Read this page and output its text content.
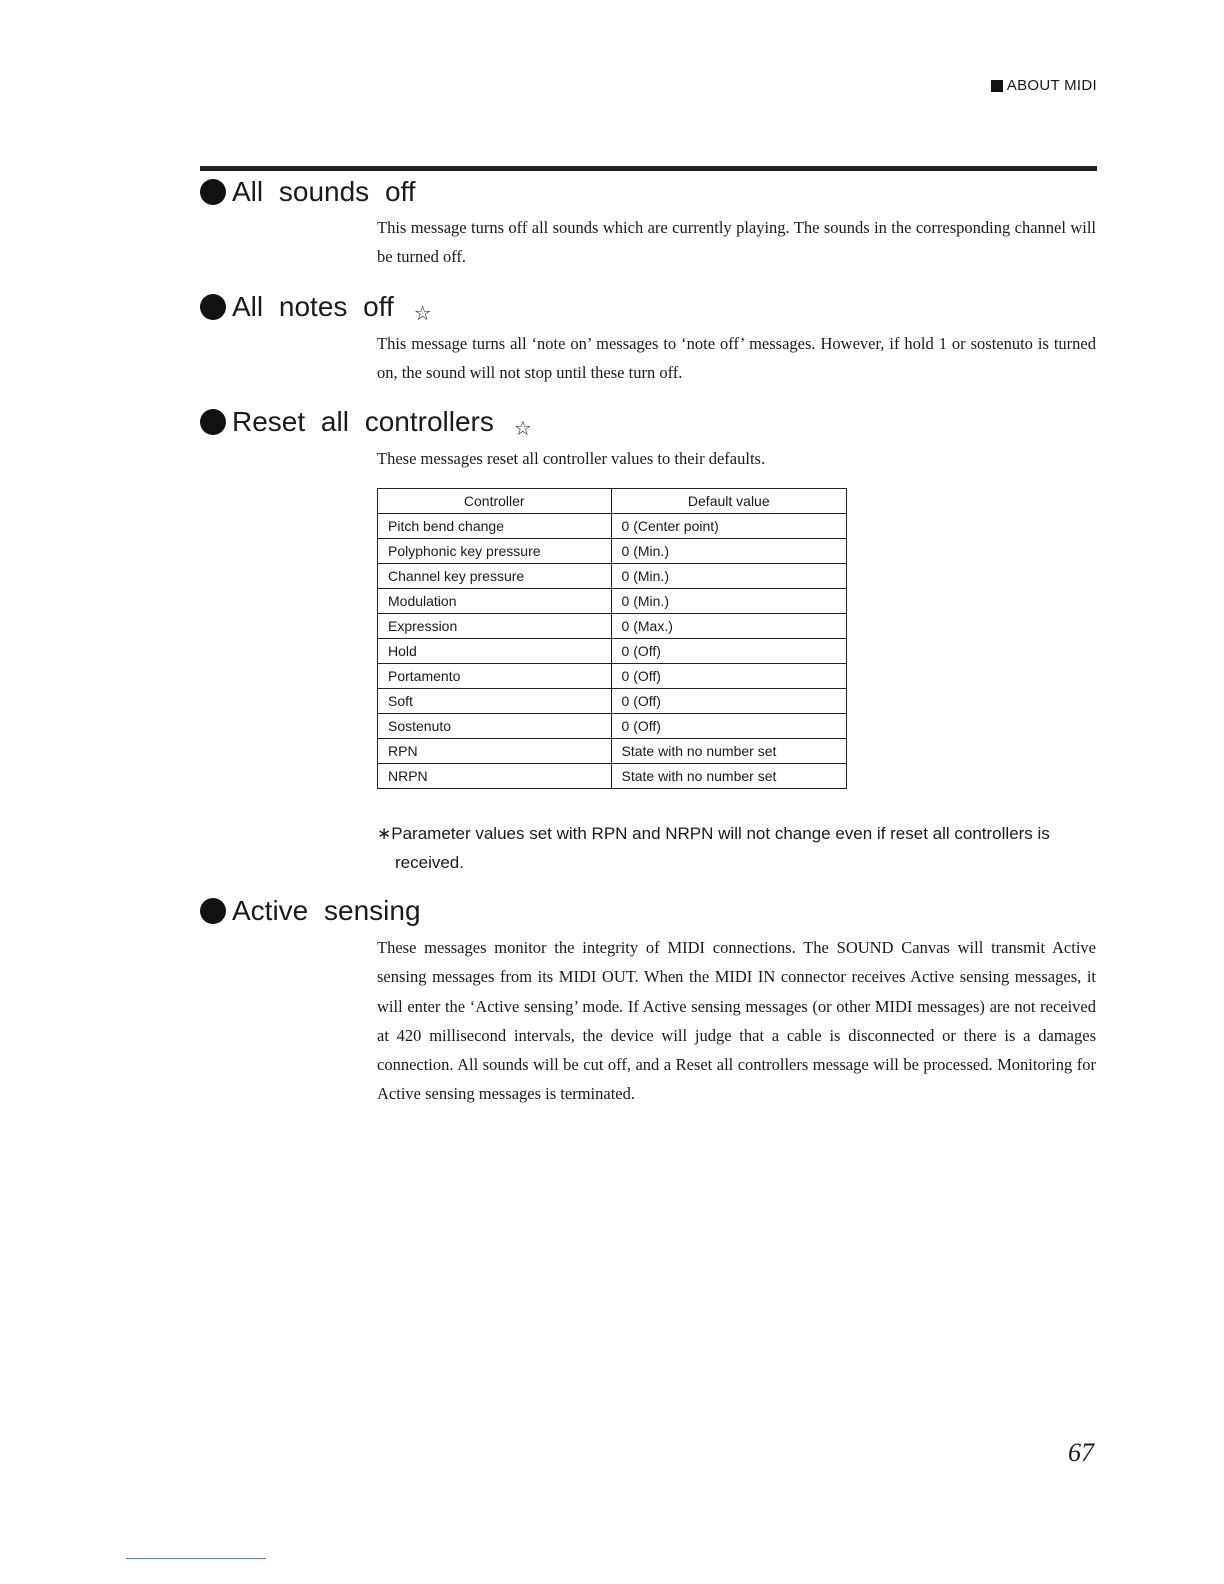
ABOUT MIDI
All sounds off
This message turns off all sounds which are currently playing. The sounds in the corresponding channel will be turned off.
All notes off ☆
This message turns all ‘note on’ messages to ‘note off’ messages. However, if hold 1 or sostenuto is turned on, the sound will not stop until these turn off.
Reset all controllers ☆
These messages reset all controller values to their defaults.
Controller	Default value
Pitch bend change	0 (Center point)
Polyphonic key pressure	0 (Min.)
Channel key pressure	0 (Min.)
Modulation	0 (Min.)
Expression	0 (Max.)
Hold	0 (Off)
Portamento	0 (Off)
Soft	0 (Off)
Sostenuto	0 (Off)
RPN	State with no number set
NRPN	State with no number set
∗Parameter values set with RPN and NRPN will not change even if reset all controllers is received.
Active sensing
These messages monitor the integrity of MIDI connections. The SOUND Canvas will transmit Active sensing messages from its MIDI OUT. When the MIDI IN connector receives Active sensing messages, it will enter the ‘Active sensing’ mode. If Active sensing messages (or other MIDI messages) are not received at 420 millisecond intervals, the device will judge that a cable is disconnected or there is a damages connection. All sounds will be cut off, and a Reset all controllers message will be processed. Monitoring for Active sensing messages is terminated.
67
